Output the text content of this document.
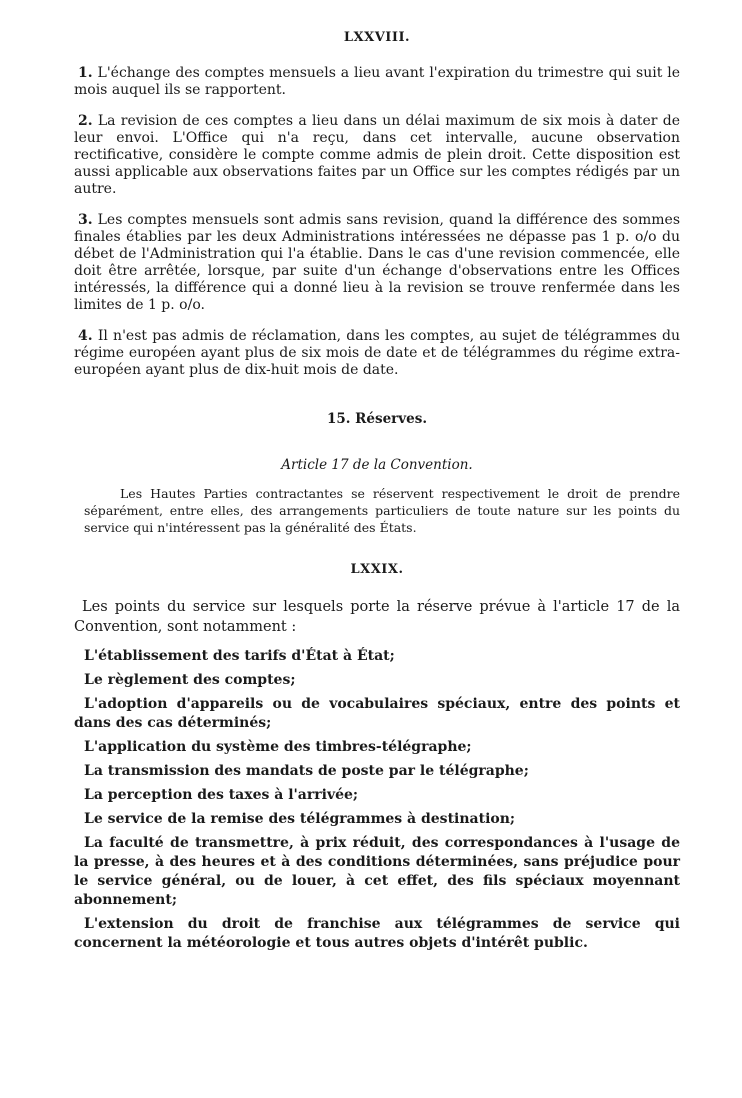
LXXVIII.

1. L'échange des comptes mensuels a lieu avant l'expiration du trimestre qui suit le mois auquel ils se rapportent.

2. La revision de ces comptes a lieu dans un délai maximum de six mois à dater de leur envoi. L'Office qui n'a reçu, dans cet intervalle, aucune observation rectificative, considère le compte comme admis de plein droit. Cette disposition est aussi applicable aux observations faites par un Office sur les comptes rédigés par un autre.

3. Les comptes mensuels sont admis sans revision, quand la différence des sommes finales établies par les deux Administrations intéressées ne dépasse pas 1 p. o/o du débet de l'Administration qui l'a établie. Dans le cas d'une revision commencée, elle doit être arrêtée, lorsque, par suite d'un échange d'observations entre les Offices intéressés, la différence qui a donné lieu à la revision se trouve renfermée dans les limites de 1 p. o/o.

4. Il n'est pas admis de réclamation, dans les comptes, au sujet de télégrammes du régime européen ayant plus de six mois de date et de télégrammes du régime extra-européen ayant plus de dix-huit mois de date.

15. Réserves.
Article 17 de la Convention.

Les Hautes Parties contractantes se réservent respectivement le droit de prendre séparément, entre elles, des arrangements particuliers de toute nature sur les points du service qui n'intéressent pas la généralité des États.

LXXIX.

Les points du service sur lesquels porte la réserve prévue à l'article 17 de la Convention, sont notamment :

L'établissement des tarifs d'État à État;

Le règlement des comptes;

L'adoption d'appareils ou de vocabulaires spéciaux, entre des points et dans des cas déterminés;

L'application du système des timbres-télégraphe;

La transmission des mandats de poste par le télégraphe;

La perception des taxes à l'arrivée;

Le service de la remise des télégrammes à destination;

La faculté de transmettre, à prix réduit, des correspondances à l'usage de la presse, à des heures et à des conditions déterminées, sans préjudice pour le service général, ou de louer, à cet effet, des fils spéciaux moyennant abonnement;

L'extension du droit de franchise aux télégrammes de service qui concernent la météorologie et tous autres objets d'intérêt public.
